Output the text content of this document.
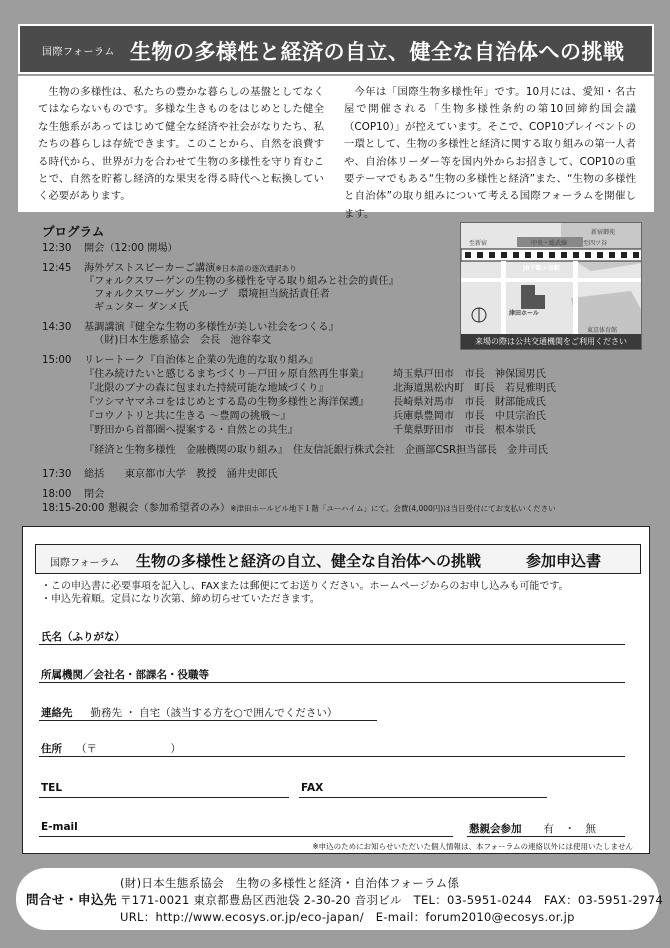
国際フォーラム 生物の多様性と経済の自立、健全な自治体への挑戦

生物の多様性は、私たちの豊かな暮らしの基盤としてなくてはならないものです。多様な生きものをはじめとした健全な生態系があってはじめて健全な経済や社会がなりたち、私たちの暮らしは存続できます。このことから、自然を浪費する時代から、世界が力を合わせて生物の多様性を守り育むことで、自然を貯蓄し経済的な果実を得る時代へと転換していく必要があります。

今年は「国際生物多様性年」です。10月には、愛知・名古屋で開催される「生物多様性条約の第10回締約国会議（COP10）」が控えています。そこで、COP10プレイベントの一環として、生物の多様性と経済に関する取り組みの第一人者や、自治体リーダー等を国内外からお招きして、COP10の重要テーマでもある“生物の多様性と経済”また、“生物の多様性と自治体”の取り組みについて考える国際フォーラムを開催します。

プログラム
12:30 開会（12:00 開場）
12:45 海外ゲストスピーカーご講演※日本語の逐次通訳あり
『フォルクスワーゲンの生物の多様性を守る取り組みと社会的責任』
フォルクスワーゲン グループ　環境担当統括責任者
ギュンター ダンメ氏
14:30 基調講演『健全な生物の多様性が美しい社会をつくる』
（財)日本生態系協会　会長　池谷奉文
15:00 リレートーク『自治体と企業の先進的な取り組み』
『住み続けたいと感じるまちづくり－戸田ヶ原自然再生事業』 埼玉県戸田市　市長　神保国男氏
『北限のブナの森に包まれた持続可能な地域づくり』	北海道黒松内町　町長　若見雅明氏
『ツシマヤマネコをはじめとする島の生物多様性と海洋保護』 長崎県対馬市　市長　財部能成氏
『コウノトリと共に生きる ～豊岡の挑戦～』	兵庫県豊岡市　市長　中貝宗治氏
『野田から首都圏へ提案する・自然との共生』	千葉県野田市　市長　根本崇氏
『経済と生物多様性　金融機関の取り組み』　住友信託銀行株式会社　企画部CSR担当部長　金井司氏
17:30 総括　　東京都市大学　教授　涌井史郎氏
18:00 閉会
18:15-20:00 懇親会（参加希望者のみ）※津田ホールビル地下１階「ユーハイム」にて。会費(4,000円)は当日受付にてお支払いください
至新宿	中央・総武線	至四ツ谷
JR千駄ヶ谷駅
新宿御苑
津田ホール
東京体育館
来場の際は公共交通機関をご利用ください
国際フォーラム 生物の多様性と経済の自立、健全な自治体への挑戦	参加申込書
・この申込書に必要事項を記入し、FAXまたは郵便にてお送りください。ホームページからのお申し込みも可能です。
・申込先着順。定員になり次第、締め切らせていただきます。
氏名（ふりがな）
所属機関／会社名・部課名・役職等
連絡先 勤務先 ・ 自宅（該当する方を○で囲んでください）
住所 （〒　　　　　　　）
TEL	FAX
E-mail	懇親会参加 有　・　無
※申込のためにお知らせいただいた個人情報は、本フォーラムの連絡以外には使用いたしません
問合せ・申込先
(財)日本生態系協会　生物の多様性と経済・自治体フォーラム係
〒171-0021 東京都豊島区西池袋 2-30-20 音羽ビル　TEL：03-5951-0244　FAX：03-5951-2974
URL：http://www.ecosys.or.jp/eco-japan/　E-mail：forum2010@ecosys.or.jp
